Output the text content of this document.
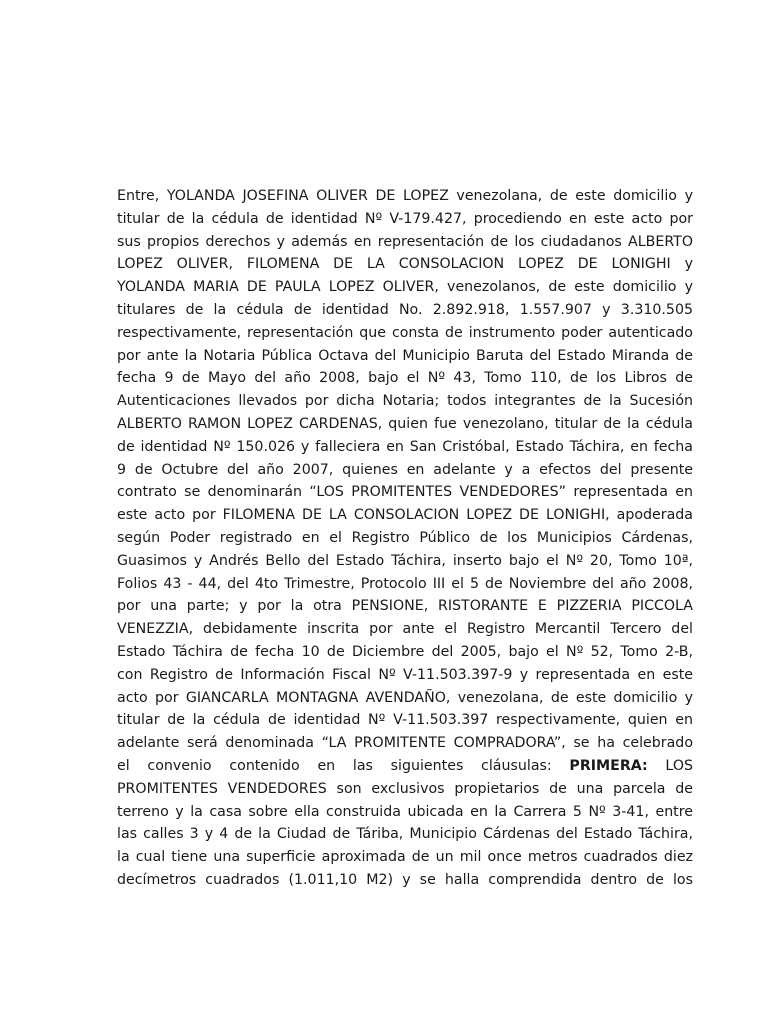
Entre, YOLANDA JOSEFINA OLIVER DE LOPEZ venezolana, de este domicilio y
titular de la cédula de identidad Nº V-179.427, procediendo en este acto por
sus propios derechos y además en representación de los ciudadanos ALBERTO
LOPEZ OLIVER, FILOMENA DE LA CONSOLACION LOPEZ DE LONIGHI y
YOLANDA MARIA DE PAULA LOPEZ OLIVER, venezolanos, de este domicilio y
titulares de la cédula de identidad No. 2.892.918, 1.557.907 y 3.310.505
respectivamente, representación que consta de instrumento poder autenticado
por ante la Notaria Pública Octava del Municipio Baruta del Estado Miranda de
fecha 9 de Mayo del año 2008, bajo el Nº 43, Tomo 110, de los Libros de
Autenticaciones llevados por dicha Notaria; todos integrantes de la Sucesión
ALBERTO RAMON LOPEZ CARDENAS, quien fue venezolano, titular de la cédula
de identidad Nº 150.026 y falleciera en San Cristóbal, Estado Táchira, en fecha
9 de Octubre del año 2007, quienes en adelante y a efectos del presente
contrato se denominarán “LOS PROMITENTES VENDEDORES” representada en
este acto por FILOMENA DE LA CONSOLACION LOPEZ DE LONIGHI, apoderada
según Poder registrado en el Registro Público de los Municipios Cárdenas,
Guasimos y Andrés Bello del Estado Táchira, inserto bajo el Nº 20, Tomo 10ª,
Folios 43 - 44, del 4to Trimestre, Protocolo III el 5 de Noviembre del año 2008,
por una parte; y por la otra PENSIONE, RISTORANTE E PIZZERIA PICCOLA
VENEZZIA, debidamente inscrita por ante el Registro Mercantil Tercero del
Estado Táchira de fecha 10 de Diciembre del 2005, bajo el Nº 52, Tomo 2-B,
con Registro de Información Fiscal Nº V-11.503.397-9 y representada en este
acto por GIANCARLA MONTAGNA AVENDAÑO, venezolana, de este domicilio y
titular de la cédula de identidad Nº V-11.503.397 respectivamente, quien en
adelante será denominada “LA PROMITENTE COMPRADORA”, se ha celebrado
el convenio contenido en las siguientes cláusulas: PRIMERA: LOS
PROMITENTES VENDEDORES son exclusivos propietarios de una parcela de
terreno y la casa sobre ella construida ubicada en la Carrera 5 Nº 3-41, entre
las calles 3 y 4 de la Ciudad de Táriba, Municipio Cárdenas del Estado Táchira,
la cual tiene una superficie aproximada de un mil once metros cuadrados diez
decímetros cuadrados (1.011,10 M2) y se halla comprendida dentro de los
